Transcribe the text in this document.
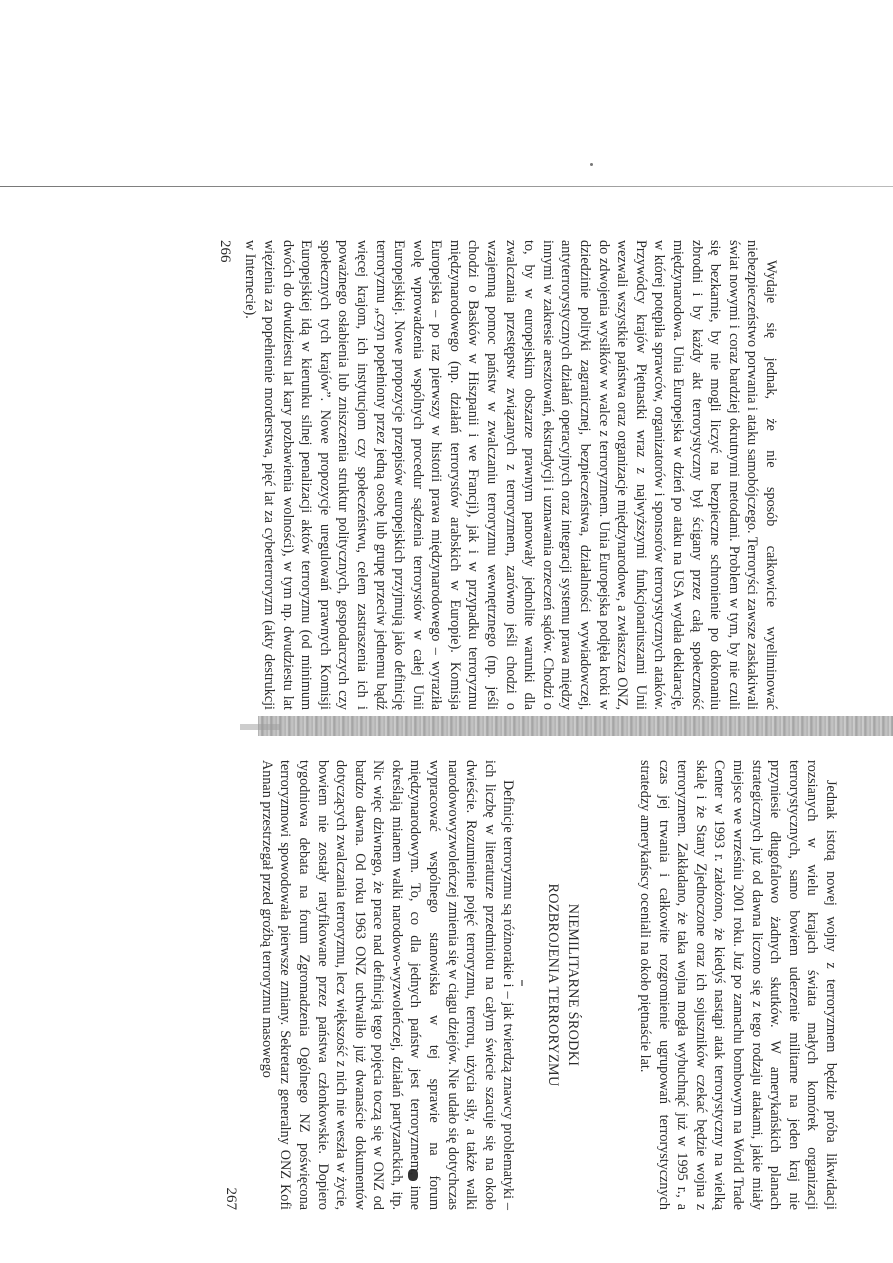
Wydaje się jednak, że nie sposób całkowicie wyeliminować niebezpieczeństwo porwania i ataku samobójczego. Terroryści zawsze zaskakiwali świat nowymi i coraz bardziej okrutnymi metodami. Problem w tym, by nie czuli się bezkarnie, by nie mogli liczyć na bezpieczne schronienie po dokonaniu zbrodni i by każdy akt terrorystyczny był ścigany przez całą społeczność międzynarodowa. Unia Europejska w dzień po ataku na USA wydała deklarację, w której potępiła sprawców, organizatorów i sponsorów terrorystycznych ataków. Przywódcy krajów Piętnastki wraz z najwyższymi funkcjonariuszami Unii wezwali wszystkie państwa oraz organizacje międzynarodowe, a zwłaszcza ONZ, do zdwojenia wysiłków w walce z terroryzmem. Unia Europejska podjęła kroki w dziedzinie polityki zagranicznej, bezpieczeństwa, działalności wywiadowczej, antyterrorystycznych działań operacyjnych oraz integracji systemu prawa między innymi w zakresie aresztowań, ekstradycji i uznawania orzeczeń sądów. Chodzi o to, by w europejskim obszarze prawnym panowały jednolite warunki dla zwalczania przestępstw związanych z terroryzmem, zarówno jeśli chodzi o wzajemną pomoc państw w zwalczaniu terroryzmu wewnętrznego (np. jeśli chodzi o Basków w Hiszpanii i we Francji), jak i w przypadku terroryzmu międzynarodowego (np. działań terrorystów arabskich w Europie). Komisja Europejska – po raz pierwszy w historii prawa międzynarodowego – wyraziła wolę wprowadzenia wspólnych procedur sądzenia terrorystów w całej Unii Europejskiej. Nowe propozycje przepisów europejskich przyjmują jako definicję terroryzmu „czyn popełniony przez jedną osobę lub grupę przeciw jednemu bądź więcej krajom, ich instytucjom czy społeczeństwu, celem zastraszenia ich i poważnego osłabienia lub zniszczenia struktur politycznych, gospodarczych czy społecznych tych krajów”. Nowe propozycje uregulowań prawnych Komisji Europejskiej idą w kierunku silnej penalizacji aktów terroryzmu (od minimum dwóch do dwudziestu lat kary pozbawienia wolności), w tym np. dwudziestu lat więzienia za popełnienie morderstwa, pięć lat za cyberterroryzm (akty destrukcji w Internecie).

266

Jednak istotą nowej wojny z terroryzmem będzie próba likwidacji rozsianych w wielu krajach świata małych komórek organizacji terrorystycznych, samo bowiem uderzenie militarne na jeden kraj nie przyniesie długofalowo żadnych skutków. W amerykańskich planach strategicznych już od dawna liczono się z tego rodzaju atakami, jakie miały miejsce we wrześniu 2001 roku. Już po zamachu bombowym na World Trade Center w 1993 r. założono, że kiedyś nastąpi atak terrorystyczny na wielką skalę i że Stany Zjednoczone oraz ich sojuszników czekać będzie wojna z terroryzmem. Zakładano, że taka wojna mogła wybuchnąć już w 1995 r., a czas jej trwania i całkowite rozgromienie ugrupowań terrorystycznych stratedzy amerykańscy oceniali na około piętnaście lat.

NIEMILITARNE ŚRODKI
ROZBROJENIA TERRORYZMU

Definicje terroryzmu są różnorakie i – jak twierdzą znawcy problematyki – ich liczbę w literaturze przedmiotu na całym świecie szacuje się na około dwieście. Rozumienie pojęć terroryzmu, terroru, użycia siły, a także walki narodowowyzwoleńczej zmienia się w ciągu dziejów. Nie udało się dotychczas wypracować wspólnego stanowiska w tej sprawie na forum międzynarodowym. To, co dla jednych państw jest terroryzmem, inne określają mianem walki narodowo-wyzwoleńczej, działań partyzanckich, itp. Nic więc dziwnego, że prace nad definicją tego pojęcia toczą się w ONZ od bardzo dawna. Od roku 1963 ONZ uchwaliło już dwanaście dokumentów dotyczących zwalczania terroryzmu, lecz większość z nich nie weszła w życie, bowiem nie zostały ratyfikowane przez państwa członkowskie. Dopiero tygodniowa debata na forum Zgromadzenia Ogólnego NZ poświęcona terroryzmowi spowodowała pierwsze zmiany. Sekretarz generalny ONZ Kofi Annan przestrzegał przed groźbą terroryzmu masowego

267
